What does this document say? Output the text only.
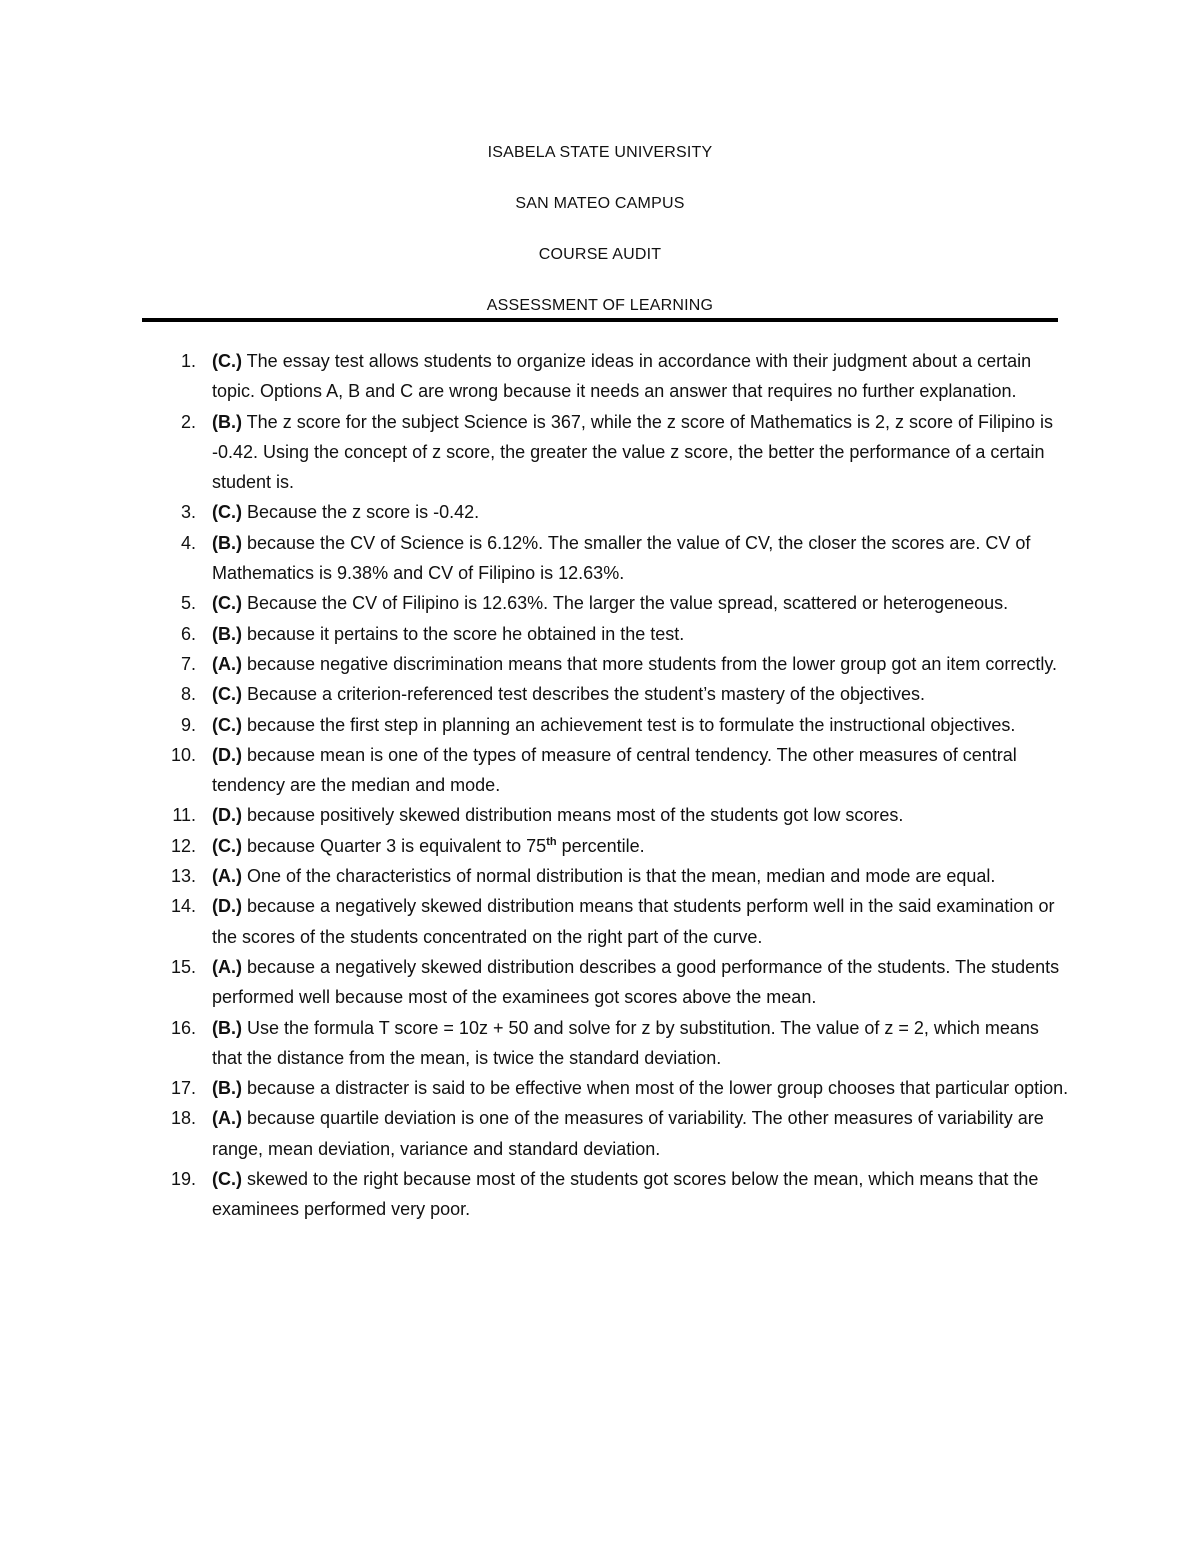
ISABELA STATE UNIVERSITY
SAN MATEO CAMPUS
COURSE AUDIT
ASSESSMENT OF LEARNING
1. (C.) The essay test allows students to organize ideas in accordance with their judgment about a certain topic. Options A, B and C are wrong because it needs an answer that requires no further explanation.
2. (B.) The z score for the subject Science is 367, while the z score of Mathematics is 2, z score of Filipino is -0.42. Using the concept of z score, the greater the value z score, the better the performance of a certain student is.
3. (C.) Because the z score is -0.42.
4. (B.) because the CV of Science is 6.12%. The smaller the value of CV, the closer the scores are. CV of Mathematics is 9.38% and CV of Filipino is 12.63%.
5. (C.) Because the CV of Filipino is 12.63%. The larger the value spread, scattered or heterogeneous.
6. (B.) because it pertains to the score he obtained in the test.
7. (A.) because negative discrimination means that more students from the lower group got an item correctly.
8. (C.) Because a criterion-referenced test describes the student’s mastery of the objectives.
9. (C.) because the first step in planning an achievement test is to formulate the instructional objectives.
10. (D.) because mean is one of the types of measure of central tendency. The other measures of central tendency are the median and mode.
11. (D.) because positively skewed distribution means most of the students got low scores.
12. (C.) because Quarter 3 is equivalent to 75th percentile.
13. (A.) One of the characteristics of normal distribution is that the mean, median and mode are equal.
14. (D.) because a negatively skewed distribution means that students perform well in the said examination or the scores of the students concentrated on the right part of the curve.
15. (A.) because a negatively skewed distribution describes a good performance of the students. The students performed well because most of the examinees got scores above the mean.
16. (B.) Use the formula T score = 10z + 50 and solve for z by substitution. The value of z = 2, which means that the distance from the mean, is twice the standard deviation.
17. (B.) because a distracter is said to be effective when most of the lower group chooses that particular option.
18. (A.) because quartile deviation is one of the measures of variability. The other measures of variability are range, mean deviation, variance and standard deviation.
19. (C.) skewed to the right because most of the students got scores below the mean, which means that the examinees performed very poor.
